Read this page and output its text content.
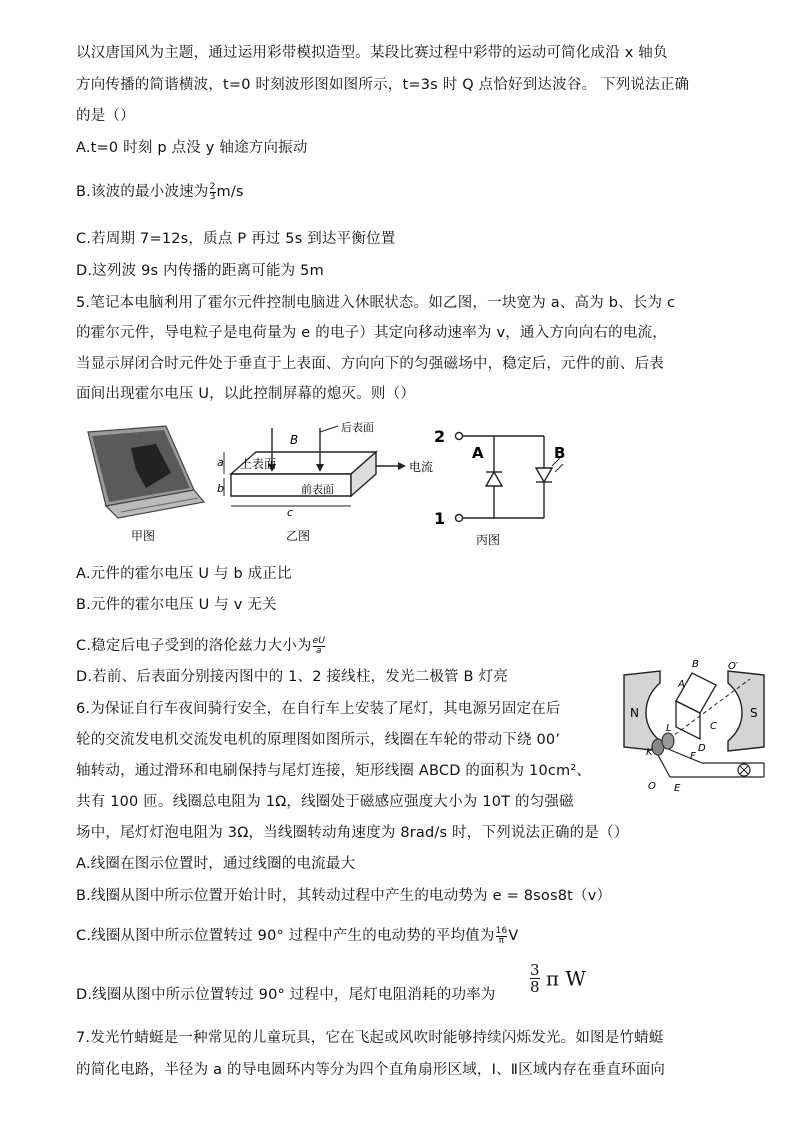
以汉唐国风为主题，通过运用彩带模拟造型。某段比赛过程中彩带的运动可简化成沿 x 轴负
方向传播的简谐横波，t=0 时刻波形图如图所示，t=3s 时 Q 点恰好到达波谷。 下列说法正确
的是（）
A.t=0 时刻 p 点没 y 轴途方向振动
B.该波的最小波速为 $\frac{2}{3} m/s$
C.若周期 7=12s，质点 P 再过 5s 到达平衡位置
D.这列波 9s 内传播的距离可能为 5m
5.笔记本电脑利用了霍尔元件控制电脑进入休眠状态。如乙图，一块宽为 a、高为 b、长为 c
的霍尔元件，导电粒子是电荷量为 e 的电子）其定向移动速率为 v，通入方向向右的电流，
当显示屏闭合时元件处于垂直于上表面、方向向下的匀强磁场中，稳定后，元件的前、后表
面间出现霍尔电压 U，以此控制屏幕的熄灭。则（）
甲图
B
后表面
上表面
前表面
电流
a
b
c
乙图
2
1
A	B
丙图
A.元件的霍尔电压 U 与 b 成正比
B.元件的霍尔电压 U 与 v 无关
C.稳定后电子受到的洛伦兹力大小为 $\frac{eU}{a}$
D.若前、后表面分别接丙图中的 1、2 接线柱，发光二极管 B 灯亮
6.为保证自行车夜间骑行安全，在自行车上安装了尾灯，其电源另固定在后
轮的交流发电机交流发电机的原理图如图所示，线圈在车轮的带动下绕 00’
轴转动，通过滑环和电刷保持与尾灯连接，矩形线圈 ABCD 的面积为 10cm²、
共有 100 匝。线圈总电阻为 1Ω，线圈处于磁感应强度大小为 10T 的匀强磁
场中，尾灯灯泡电阻为 3Ω，当线圈转动角速度为 8rad/s 时，下列说法正确的是（）
N	S
A
B
C
D
E
F
K
L
O
O′
A.线圈在图示位置时，通过线圈的电流最大
B.线圈从图中所示位置开始计时，其转动过程中产生的电动势为 e = 8sos8t（v）
C.线圈从图中所示位置转过 90° 过程中产生的电动势的平均值为 $\frac{16}{\pi}$ V
D.线圈从图中所示位置转过 90° 过程中，尾灯电阻消耗的功率为 $\frac{3}{8}$ π W
7.发光竹蜻蜓是一种常见的儿童玩具，它在飞起或风吹时能够持续闪烁发光。如图是竹蜻蜓
的简化电路，半径为 a 的导电圆环内等分为四个直角扇形区域，Ⅰ、Ⅱ区域内存在垂直环面向
